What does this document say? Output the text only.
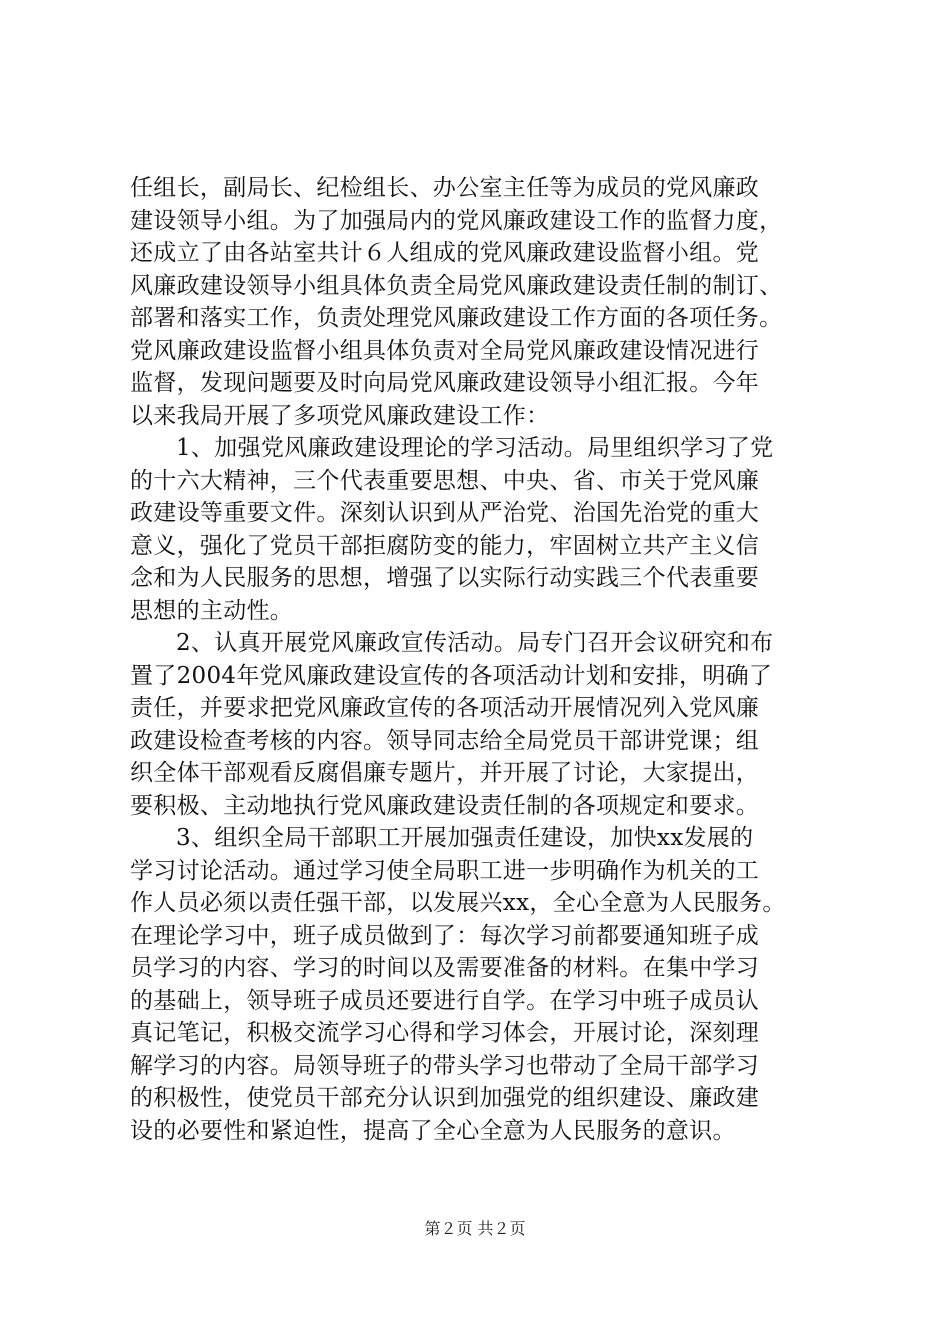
任组长，副局长、纪检组长、办公室主任等为成员的党风廉政
建设领导小组。为了加强局内的党风廉政建设工作的监督力度，
还成立了由各站室共计６人组成的党风廉政建设监督小组。党
风廉政建设领导小组具体负责全局党风廉政建设责任制的制订、
部署和落实工作，负责处理党风廉政建设工作方面的各项任务。
党风廉政建设监督小组具体负责对全局党风廉政建设情况进行
监督，发现问题要及时向局党风廉政建设领导小组汇报。今年
以来我局开展了多项党风廉政建设工作：
1、加强党风廉政建设理论的学习活动。局里组织学习了党
的十六大精神，三个代表重要思想、中央、省、市关于党风廉
政建设等重要文件。深刻认识到从严治党、治国先治党的重大
意义，强化了党员干部拒腐防变的能力，牢固树立共产主义信
念和为人民服务的思想，增强了以实际行动实践三个代表重要
思想的主动性。
2、认真开展党风廉政宣传活动。局专门召开会议研究和布
置了2004年党风廉政建设宣传的各项活动计划和安排，明确了
责任，并要求把党风廉政宣传的各项活动开展情况列入党风廉
政建设检查考核的内容。领导同志给全局党员干部讲党课；组
织全体干部观看反腐倡廉专题片，并开展了讨论，大家提出，
要积极、主动地执行党风廉政建设责任制的各项规定和要求。
3、组织全局干部职工开展加强责任建设，加快xx发展的
学习讨论活动。通过学习使全局职工进一步明确作为机关的工
作人员必须以责任强干部，以发展兴xx，全心全意为人民服务。
在理论学习中，班子成员做到了：每次学习前都要通知班子成
员学习的内容、学习的时间以及需要准备的材料。在集中学习
的基础上，领导班子成员还要进行自学。在学习中班子成员认
真记笔记，积极交流学习心得和学习体会，开展讨论，深刻理
解学习的内容。局领导班子的带头学习也带动了全局干部学习
的积极性，使党员干部充分认识到加强党的组织建设、廉政建
设的必要性和紧迫性，提高了全心全意为人民服务的意识。
第２页 共２页
